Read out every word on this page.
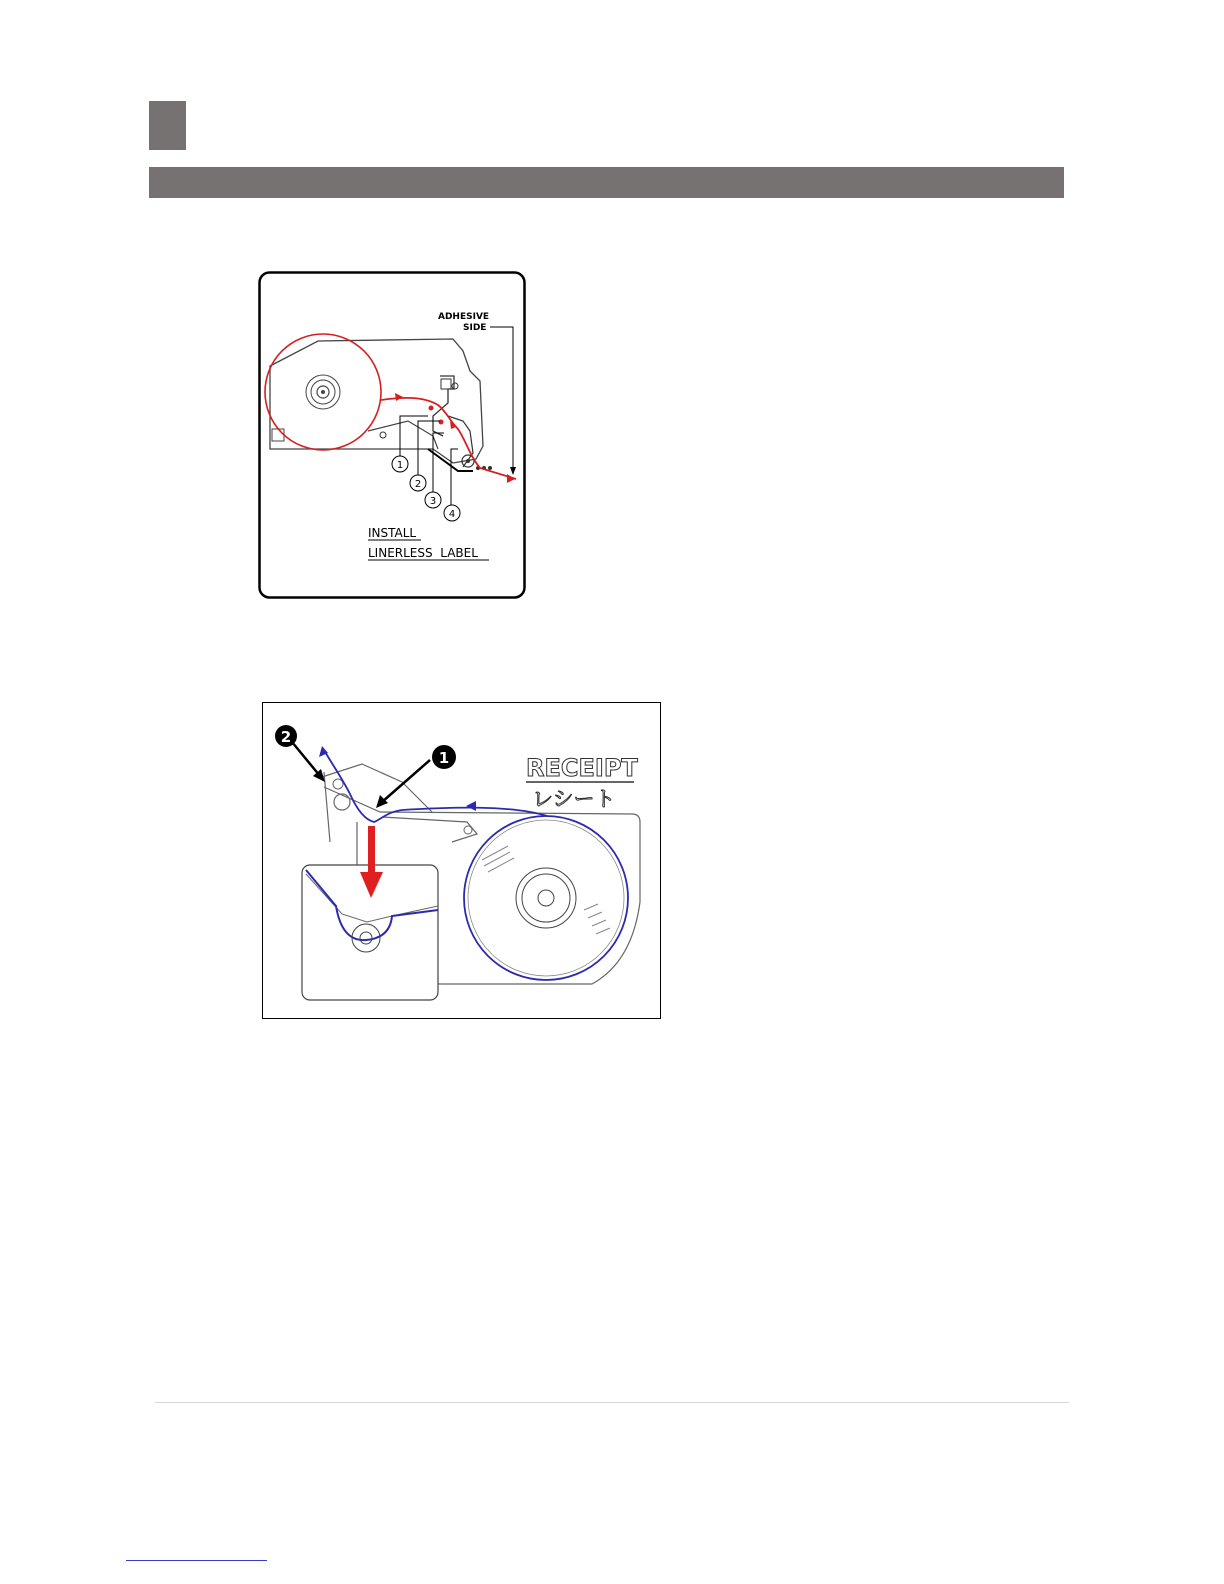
ADHESIVE
SIDE
1
2
3
4
INSTALL
LINERLESS  LABEL
1
2
RECEIPT
レシート
